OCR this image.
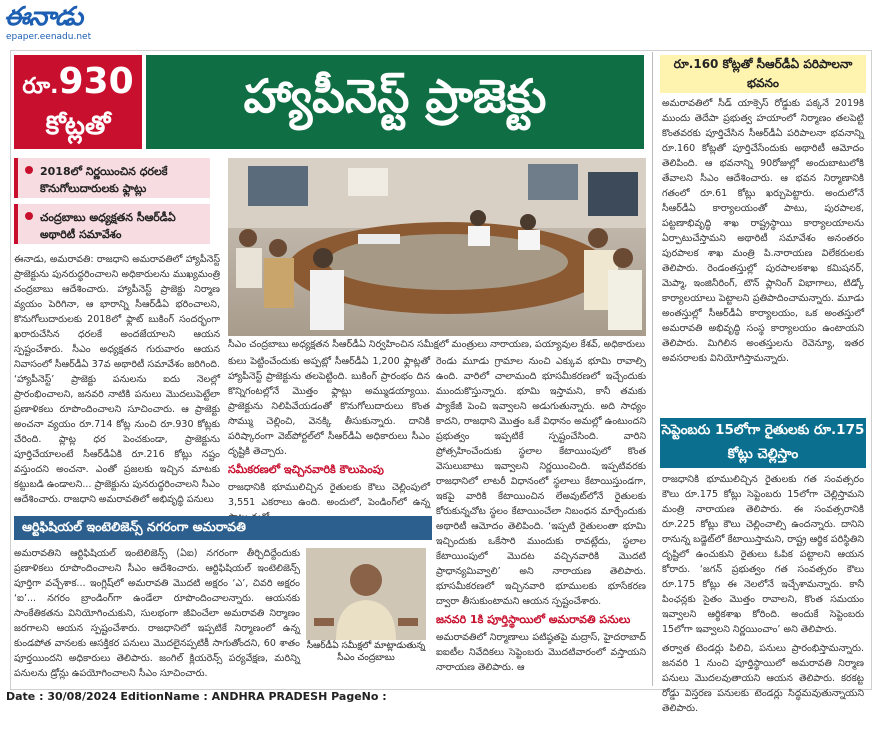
ఈనాడు
epaper.eenadu.net
రూ.930
కోట్లతో
హ్యాపీనెస్ట్ ప్రాజెక్టు
2018లో నిర్ణయించిన ధరలకే కొనుగోలుదారులకు ఫ్లాట్లు
చంద్రబాబు అధ్యక్షతన సీఆర్‌డీఏ అథారిటీ సమావేశం
ఈనాడు, అమరావతి: రాజధాని అమరావతిలో హ్యాపీనెస్ట్ ప్రాజెక్టును పునరుద్ధరించాలని అధికారులను ముఖ్యమంత్రి చంద్రబాబు ఆదేశించారు. హ్యాపీనెస్ట్ ప్రాజెక్టు నిర్మాణ వ్యయం పెరిగినా, ఆ భారాన్ని సీఆర్‌డీఏ భరించాలని, కొనుగోలుదారులకు 2018లో ఫ్లాట్ బుకింగ్ సందర్భంగా ఖరారుచేసిన ధరలకే అందజేయాలని ఆయన స్పష్టంచేశారు. సీఎం అధ్యక్షతన గురువారం ఆయన నివాసంలో సీఆర్‌డీఏ 37వ అథారిటీ సమావేశం జరిగింది. ‘హ్యాపీనెస్ట్’ ప్రాజెక్టు పనులను ఐదు నెలల్లో ప్రారంభించాలని, జనవరి నాటికి పనులు మొదలుపెట్టేలా ప్రణాళికలు రూపొందించాలని సూచించారు. ఆ ప్రాజెక్టు అంచనా వ్యయం రూ.714 కోట్ల నుంచి రూ.930 కోట్లకు చేరింది. ప్లాట్ల ధర పెంచకుండా, ప్రాజెక్టును పూర్తిచేయాలంటే సీఆర్‌డీఏకి రూ.216 కోట్లు నష్టం వస్తుందని అంచనా. ఎంతో ప్రజలకు ఇచ్చిన మాటకు కట్టుబడి ఉండాలని... ప్రాజెక్టును పునరుద్ధరించాలని సీఎం ఆదేశించారు. రాజధాని అమరావతిలో అభివృద్ధి పనులు
సీఎం చంద్రబాబు అధ్యక్షతన సీఆర్‌డీఏ నిర్వహించిన సమీక్షలో మంత్రులు నారాయణ, పయ్యావుల కేశవ్, అధికారులు
కులు పెట్టించేందుకు అప్పట్లో సీఆర్‌డీఏ 1,200 ఫ్లాట్లతో హ్యాపీనెస్ట్ ప్రాజెక్టును తలపెట్టింది. బుకింగ్ ప్రారంభం దిన కొన్నిగంటల్లోనే మొత్తం ఫ్లాట్లు అమ్ముడయ్యాయి. ప్రాజెక్టును నిలిపివేయడంతో కొనుగోలుదారులు కొంత సొమ్ము చెల్లించి, వెనక్కి తీసుకున్నారు. దానికి పరిష్కారంగా వెబ్‌పోర్టల్‌లో సీఆర్‌డీఏ అధికారులు సీఎం దృష్టికి తెచ్చారు.
సమీకరణలో ఇచ్చినవారికి కౌలుపెంపు
రాజధానికి భూములిచ్చిన రైతులకు కౌలు చెల్లింపులో 3,551 ఎకరాలు ఉంది. అందులో, పెండింగ్‌లో ఉన్న
రెండు మూడు గ్రామాల నుంచి ఎక్కువ భూమి రావాల్సి ఉంది. వారిలో చాలామంది భూసమీకరణలో ఇచ్చేందుకు ముందుకొస్తున్నారు. భూమి ఇస్తామని, కానీ తమకు ప్యాకేజీ పెంచి ఇవ్వాలని అడుగుతున్నారు. అది సాధ్యం కాదని, రాజధాని మొత్తం ఒకే విధానం అమల్లో ఉంటుందని ప్రభుత్వం ఇప్పటికే స్పష్టంచేసింది. వారిని ప్రోత్సహించేందుకు స్థలాల కేటాయింపులో కొంత వెసులుబాటు ఇవ్వాలని నిర్ణయించింది. ఇప్పటివరకు రాజధానిలో లాటరీ విధానంలో స్థలాలు కేటాయిస్తుండగా, ఇకపై వారికి కేటాయించిన లేఅవుట్‌లోనే రైతులకు కోరుకున్నచోట స్థలం కేటాయించేలా నిబంధన మార్చేందుకు అథారిటీ ఆమోదం తెలిపింది. ‘ఇప్పటి రైతులంతా భూమి ఇచ్చిందుకు ఒకేసారి ముందుకు రావట్లేదు, స్థలాల కేటాయింపులో మొదట వచ్చినవారికి మొదటి ప్రాధాన్యమివ్వాలి’ అని నారాయణ తెలిపారు. భూసమీకరణలో ఇచ్చినవారి భూములకు భూసేకరణ ద్వారా తీసుకుంటామని ఆయన స్పష్టంచేశారు.
జనవరి 1కి పూర్తిస్థాయిలో అమరావతి పనులు
అమరావతిలో నిర్మాణాలు పటిష్ఠతపై మద్రాస్, హైదరాబాద్ ఐఐటీల నివేదికలు సెప్టెంబరు మొదటివారంలో వస్తాయని నారాయణ తెలిపారు. ఆ
ఆర్టిఫిషియల్ ఇంటెలిజెన్స్ నగరంగా అమరావతి
అమరావతిని ఆర్టిఫిషియల్ ఇంటెలిజెన్స్ (ఏఐ) నగరంగా తీర్చిదిద్దేందుకు ప్రణాళికలు రూపొందించాలని సీఎం ఆదేశించారు. ఆర్టిఫిషియల్ ఇంటెలిజెన్స్ పూర్తిగా వచ్చేశాక... ఇంగ్లిష్‌లో అమరావతి మొదటి అక్షరం ‘ఎ’, చివరి అక్షరం ‘ఐ’... నగరం బ్రాండింగ్‌గా ఉండేలా రూపొందించాలన్నారు. ఆయనకు సాంకేతికతను వినియోగించుకుని, సులభంగా జీవించేలా అమరావతి నిర్మాణం జరగాలని ఆయన స్పష్టంచేశారు. రాజధానిలో ఇప్పటికే నిర్మాణంలో ఉన్న కుండపోత వానలకు ఆసక్తికర పనులు మొదలైనప్పటికీ సాగుతోందని, 60 శాతం పూర్తయిందని అధికారులు తెలిపారు. జంగిల్ క్లియరెన్స్ పర్యవేక్షణ, మరిన్ని పనులను డ్రోన్లు ఉపయోగించాలని సీఎం సూచించారు.
సీఆర్‌డీఏ సమీక్షలో మాట్లాడుతున్న సీఎం చంద్రబాబు
రూ.160 కోట్లతో సీఆర్‌డీఏ పరిపాలనా భవనం
అమరావతిలో సీడ్ యాక్సెస్ రోడ్డుకు పక్కనే 2019కి ముందు తెదేపా ప్రభుత్వ హయాంలో నిర్మాణం తలపెట్టి కొంతవరకు పూర్తిచేసిన సీఆర్‌డీఏ పరిపాలనా భవనాన్ని రూ.160 కోట్లతో పూర్తిచేసేందుకు అథారిటీ ఆమోదం తెలిపింది. ఆ భవనాన్ని 90రోజుల్లో అందుబాటులోకి తేవాలని సీఎం ఆదేశించారు. ఆ భవన నిర్మాణానికి గతంలో రూ.61 కోట్లు ఖర్చుపెట్టారు. అందులోనే సీఆర్‌డీఏ కార్యాలయంతో పాటు, పురపాలక, పట్టణాభివృద్ధి శాఖ రాష్ట్రస్థాయి కార్యాలయాలను ఏర్పాటుచేస్తామని అథారిటీ సమావేశం అనంతరం పురపాలక శాఖ మంత్రి పి.నారాయణ విలేకరులకు తెలిపారు. రెండంతస్తుల్లో పురపాలకశాఖ కమిషనర్, మెప్మా, ఇంజినీరింగ్, టౌన్ ప్లానింగ్ విభాగాలు, టిడ్కో కార్యాలయాలు పెట్టాలని ప్రతిపాదించామన్నారు. మూడు అంతస్తుల్లో సీఆర్‌డీఏ కార్యాలయం, ఒక అంతస్తులో అమరావతి అభివృద్ధి సంస్థ కార్యాలయం ఉంటాయని తెలిపారు. మిగిలిన అంతస్తులను రెవెన్యూ, ఇతర అవసరాలకు వినియోగిస్తామన్నారు.
సెప్టెంబరు 15లోగా రైతులకు రూ.175 కోట్లు చెల్లిస్తాం
రాజధానికి భూములిచ్చిన రైతులకు గత సంవత్సరం కౌలు రూ.175 కోట్లు సెప్టెంబరు 15లోగా చెల్లిస్తామని మంత్రి నారాయణ తెలిపారు. ఈ సంవత్సరానికి రూ.225 కోట్లు కౌలు చెల్లించాల్సి ఉందన్నారు. దానిని రానున్న బడ్జెట్‌లో కేటాయిస్తామని, రాష్ట్ర ఆర్థిక పరిస్థితిని దృష్టిలో ఉంచుకుని రైతులు ఓపిక పట్టాలని ఆయన కోరారు. ‘జగన్ ప్రభుత్వం గత సంవత్సరం కౌలు రూ.175 కోట్లు ఈ నెలలోనే ఇచ్చేశామన్నారు. కానీ పింఛన్లకు సైతం మొత్తం రావాలని, కొంత సమయం ఇవ్వాలని ఆర్థికశాఖ కోరింది. అందుకే సెప్టెంబరు 15లోగా ఇవ్వాలని నిర్ణయించాం’ అని తెలిపారు.
తర్వాత టెండర్లు పిలిచి, పనులు ప్రారంభిస్తామన్నారు. జనవరి 1 నుంచి పూర్తిస్థాయిలో అమరావతి నిర్మాణ పనులు మొదలవుతాయని ఆయన తెలిపారు. కరకట్ట రోడ్డు విస్తరణ పనులకు టెండర్లు సిద్ధమవుతున్నాయని తెలిపారు.
Date : 30/08/2024 EditionName : ANDHRA PRADESH PageNo :
